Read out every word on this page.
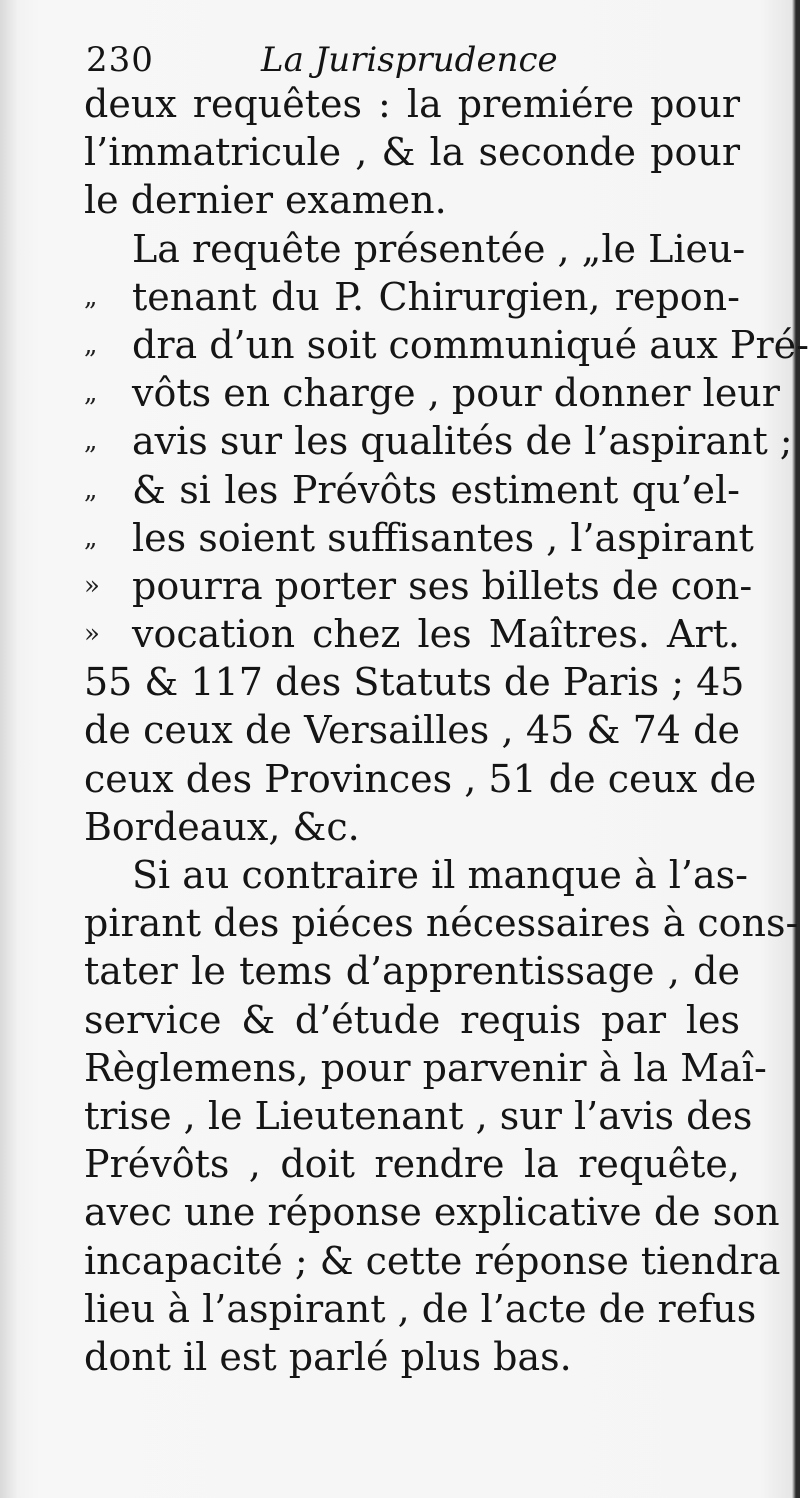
230	La Jurisprudence
deux requêtes : la premiére pour
l’immatricule , & la seconde pour
le dernier examen.
La requête présentée , „le Lieu-
„ tenant du P. Chirurgien, repon-
„ dra d’un soit communiqué aux Pré-
„ vôts en charge , pour donner leur
„ avis sur les qualités de l’aspirant ;
„ & si les Prévôts estiment qu’el-
„ les soient suffisantes , l’aspirant
» pourra porter ses billets de con-
» vocation chez les Maîtres. Art.
55 & 117 des Statuts de Paris ; 45
de ceux de Versailles , 45 & 74 de
ceux des Provinces , 51 de ceux de
Bordeaux, &c.
Si au contraire il manque à l’as-
pirant des piéces nécessaires à cons-
tater le tems d’apprentissage , de
service & d’étude requis par les
Règlemens, pour parvenir à la Maî-
trise , le Lieutenant , sur l’avis des
Prévôts , doit rendre la requête,
avec une réponse explicative de son
incapacité ; & cette réponse tiendra
lieu à l’aspirant , de l’acte de refus
dont il est parlé plus bas.
